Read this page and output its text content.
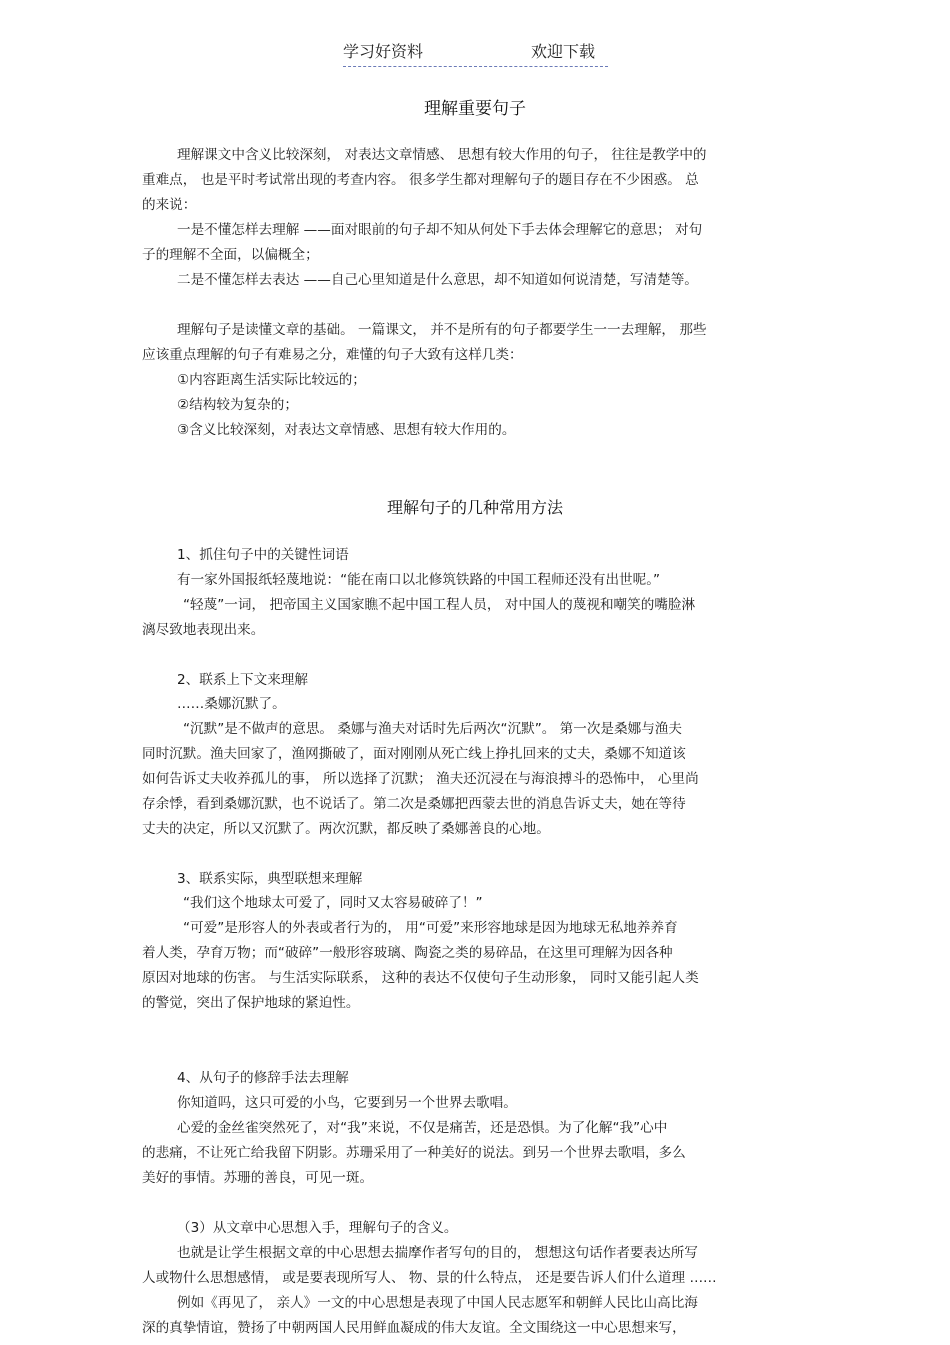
学习好资料	欢迎下载
理解重要句子
理解课文中含义比较深刻， 对表达文章情感、 思想有较大作用的句子， 往往是教学中的
重难点， 也是平时考试常出现的考查内容。 很多学生都对理解句子的题目存在不少困惑。 总
的来说：
一是不懂怎样去理解 ——面对眼前的句子却不知从何处下手去体会理解它的意思； 对句
子的理解不全面，以偏概全；
二是不懂怎样去表达 ——自己心里知道是什么意思，却不知道如何说清楚，写清楚等。
理解句子是读懂文章的基础。 一篇课文， 并不是所有的句子都要学生一一去理解， 那些
应该重点理解的句子有难易之分，难懂的句子大致有这样几类：
①内容距离生活实际比较远的；
②结构较为复杂的；
③含义比较深刻，对表达文章情感、思想有较大作用的。
理解句子的几种常用方法
1、抓住句子中的关键性词语
有一家外国报纸轻蔑地说：“能在南口以北修筑铁路的中国工程师还没有出世呢。”
“轻蔑”一词， 把帝国主义国家瞧不起中国工程人员， 对中国人的蔑视和嘲笑的嘴脸淋
漓尽致地表现出来。
2、联系上下文来理解
……桑娜沉默了。
“沉默”是不做声的意思。 桑娜与渔夫对话时先后两次“沉默”。 第一次是桑娜与渔夫
同时沉默。渔夫回家了，渔网撕破了，面对刚刚从死亡线上挣扎回来的丈夫，桑娜不知道该
如何告诉丈夫收养孤儿的事， 所以选择了沉默； 渔夫还沉浸在与海浪搏斗的恐怖中， 心里尚
存余悸，看到桑娜沉默，也不说话了。第二次是桑娜把西蒙去世的消息告诉丈夫，她在等待
丈夫的决定，所以又沉默了。两次沉默，都反映了桑娜善良的心地。
3、联系实际，典型联想来理解
“我们这个地球太可爱了，同时又太容易破碎了！”
“可爱”是形容人的外表或者行为的， 用“可爱”来形容地球是因为地球无私地养养育
着人类，孕育万物；而“破碎”一般形容玻璃、陶瓷之类的易碎品，在这里可理解为因各种
原因对地球的伤害。 与生活实际联系， 这种的表达不仅使句子生动形象， 同时又能引起人类
的警觉，突出了保护地球的紧迫性。
4、从句子的修辞手法去理解
你知道吗，这只可爱的小鸟，它要到另一个世界去歌唱。
心爱的金丝雀突然死了，对“我”来说，不仅是痛苦，还是恐惧。为了化解“我”心中
的悲痛，不让死亡给我留下阴影。苏珊采用了一种美好的说法。到另一个世界去歌唱，多么
美好的事情。苏珊的善良，可见一斑。
（3）从文章中心思想入手，理解句子的含义。
也就是让学生根据文章的中心思想去揣摩作者写句的目的， 想想这句话作者要表达所写
人或物什么思想感情， 或是要表现所写人、 物、景的什么特点， 还是要告诉人们什么道理 ……
例如《再见了， 亲人》一文的中心思想是表现了中国人民志愿军和朝鲜人民比山高比海
深的真挚情谊，赞扬了中朝两国人民用鲜血凝成的伟大友谊。全文围绕这一中心思想来写，
